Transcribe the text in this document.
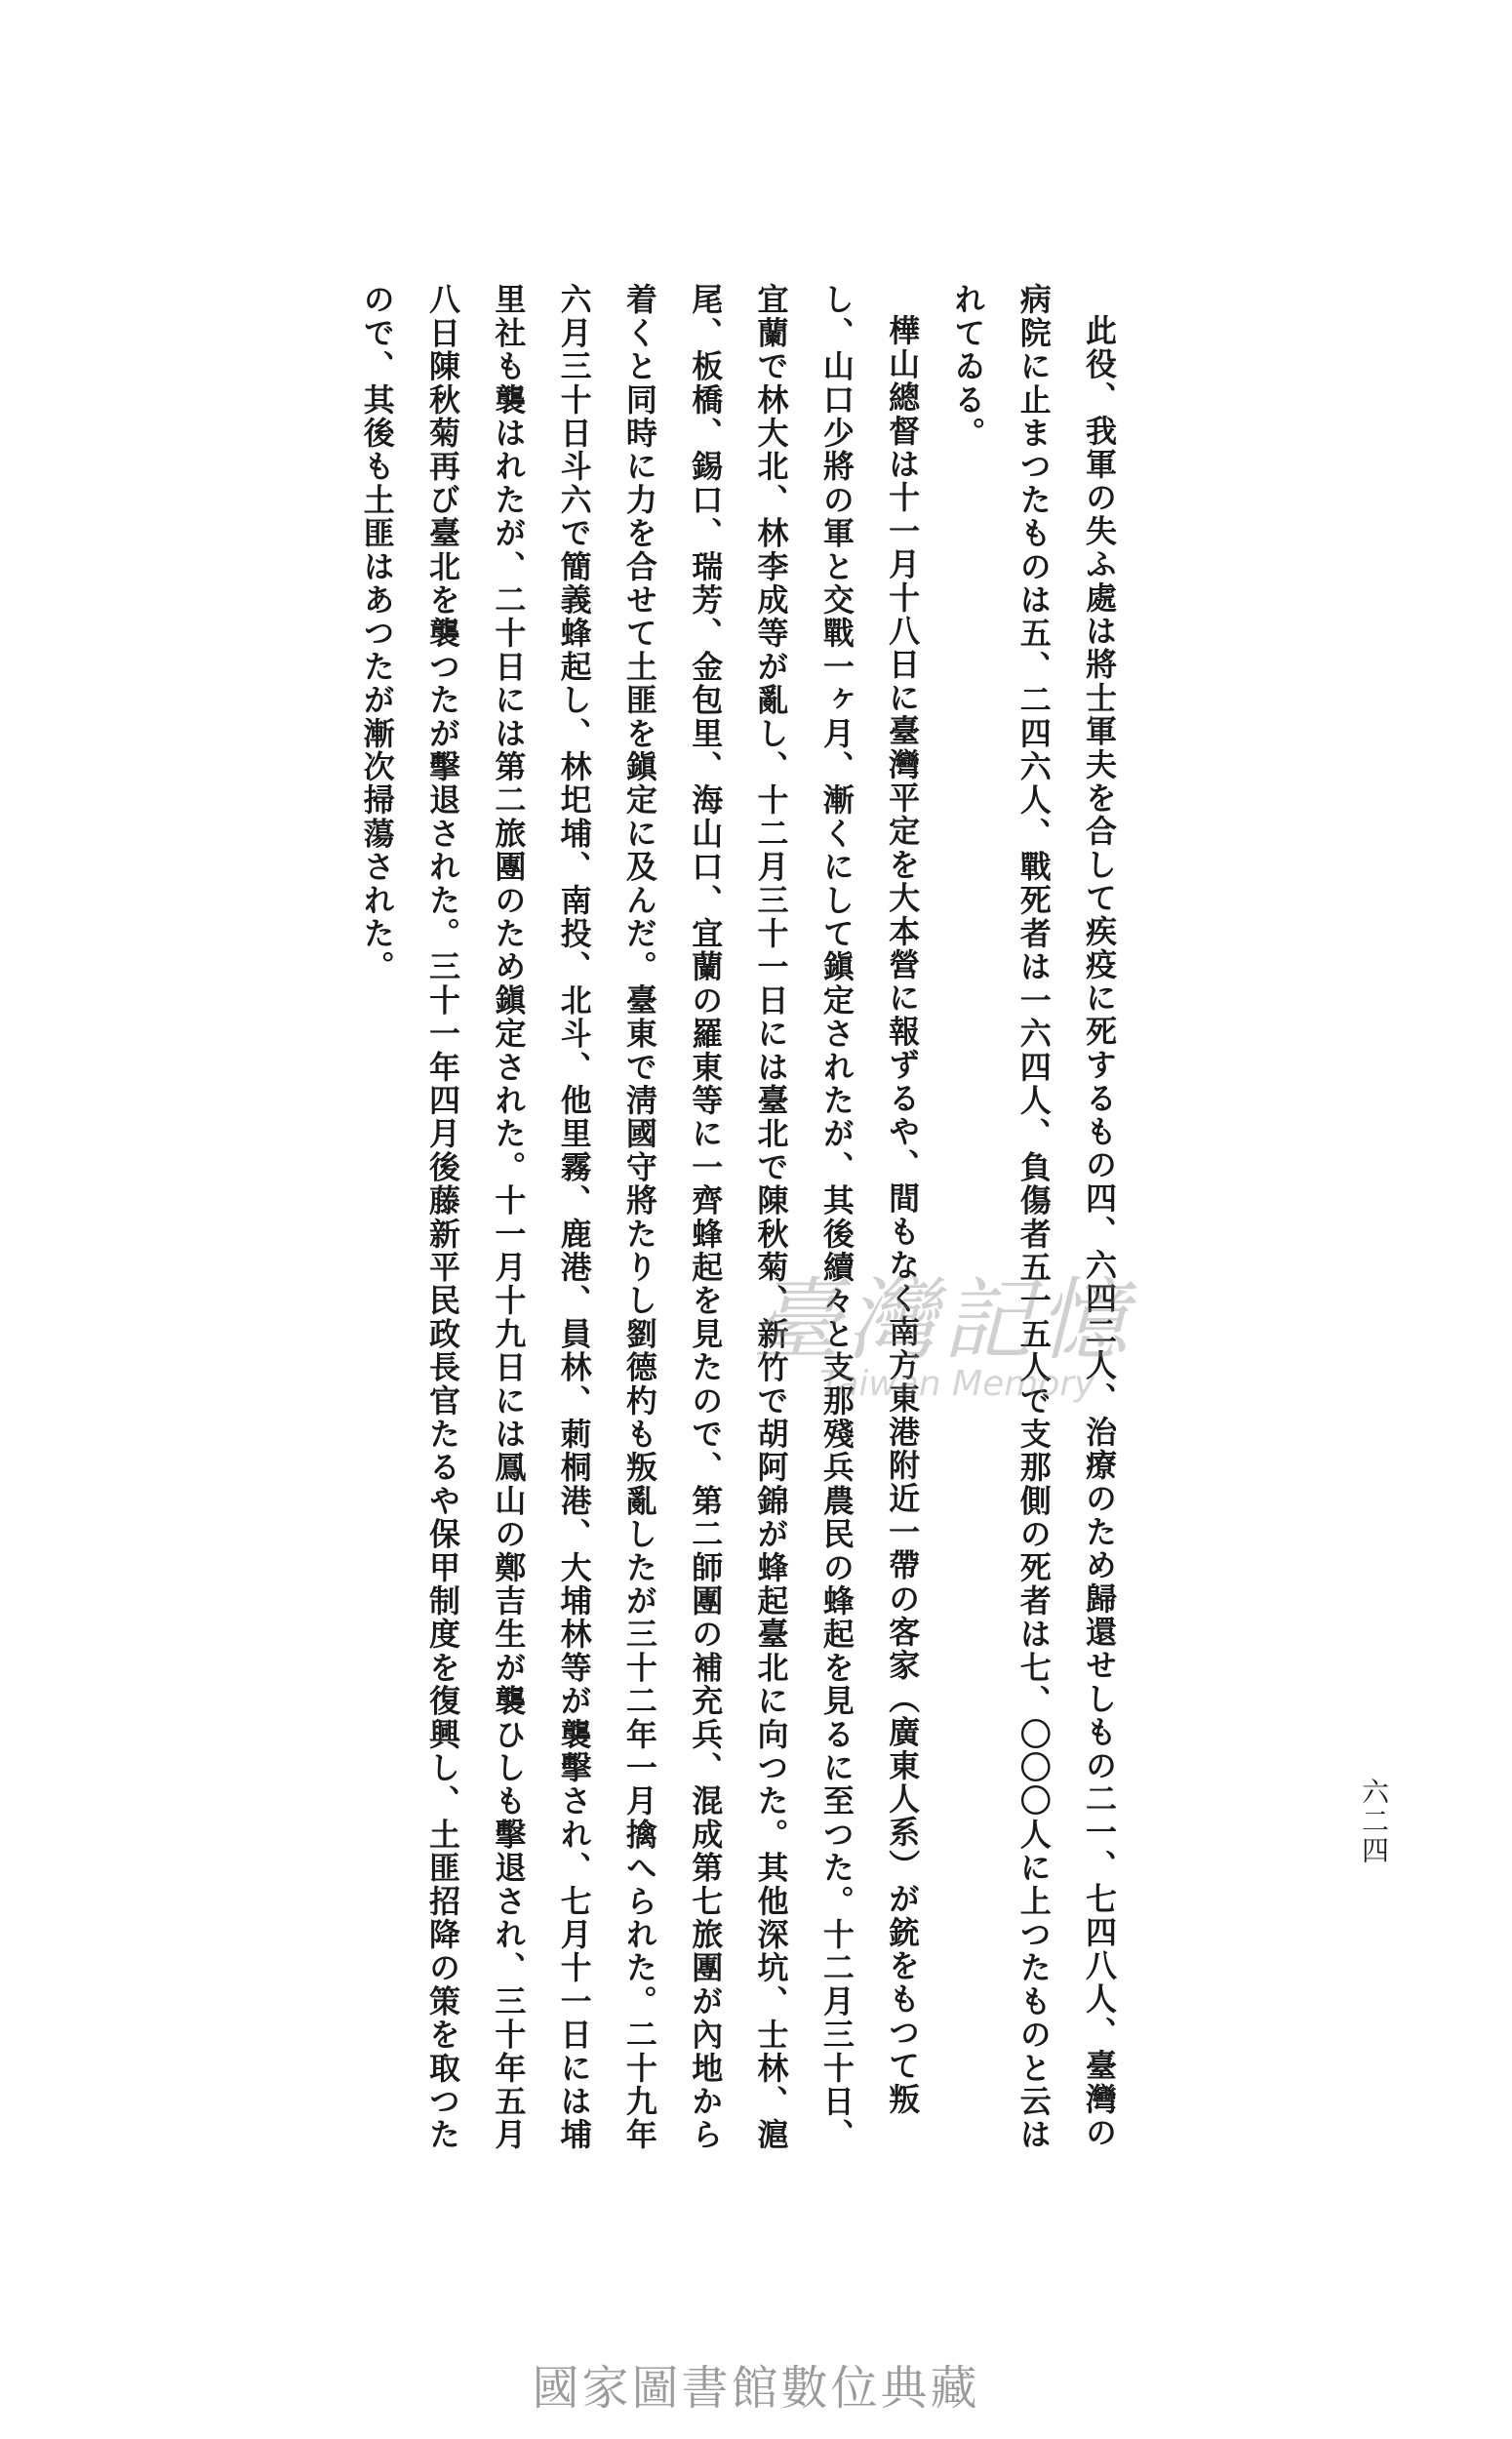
六二四

此役、我軍の失ふ處は將士軍夫を合して疾疫に死するもの四、六四二人、治療のため歸還せしもの二一、七四八人、臺灣の病院に止まつたものは五、二四六人、戰死者は一六四人、負傷者五一五人で支那側の死者は七、〇〇〇人に上つたものと云はれてゐる。

樺山總督は十一月十八日に臺灣平定を大本營に報ずるや、間もなく南方東港附近一帶の客家（廣東人系）が銃をもつて叛し、山口少將の軍と交戰一ヶ月、漸くにして鎭定されたが、其後續々と支那殘兵農民の蜂起を見るに至つた。十二月三十日、宜蘭で林大北、林李成等が亂し、十二月三十一日には臺北で陳秋菊、新竹で胡阿錦が蜂起臺北に向つた。其他深坑、士林、滬尾、板橋、錫口、瑞芳、金包里、海山口、宜蘭の羅東等に一齊蜂起を見たので、第二師團の補充兵、混成第七旅團が內地から着くと同時に力を合せて土匪を鎭定に及んだ。臺東で淸國守將たりし劉德杓も叛亂したが三十二年一月擒へられた。二十九年六月三十日斗六で簡義蜂起し、林圯埔、南投、北斗、他里霧、鹿港、員林、莿桐港、大埔林等が襲擊され、七月十一日には埔里社も襲はれたが、二十日には第二旅團のため鎭定された。十一月十九日には鳳山の鄭吉生が襲ひしも擊退され、三十年五月八日陳秋菊再び臺北を襲つたが擊退された。三十一年四月後藤新平民政長官たるや保甲制度を復興し、土匪招降の策を取つたので、其後も土匪はあつたが漸次掃蕩された。

臺灣記憶
Taiwan Memory
國家圖書館數位典藏
